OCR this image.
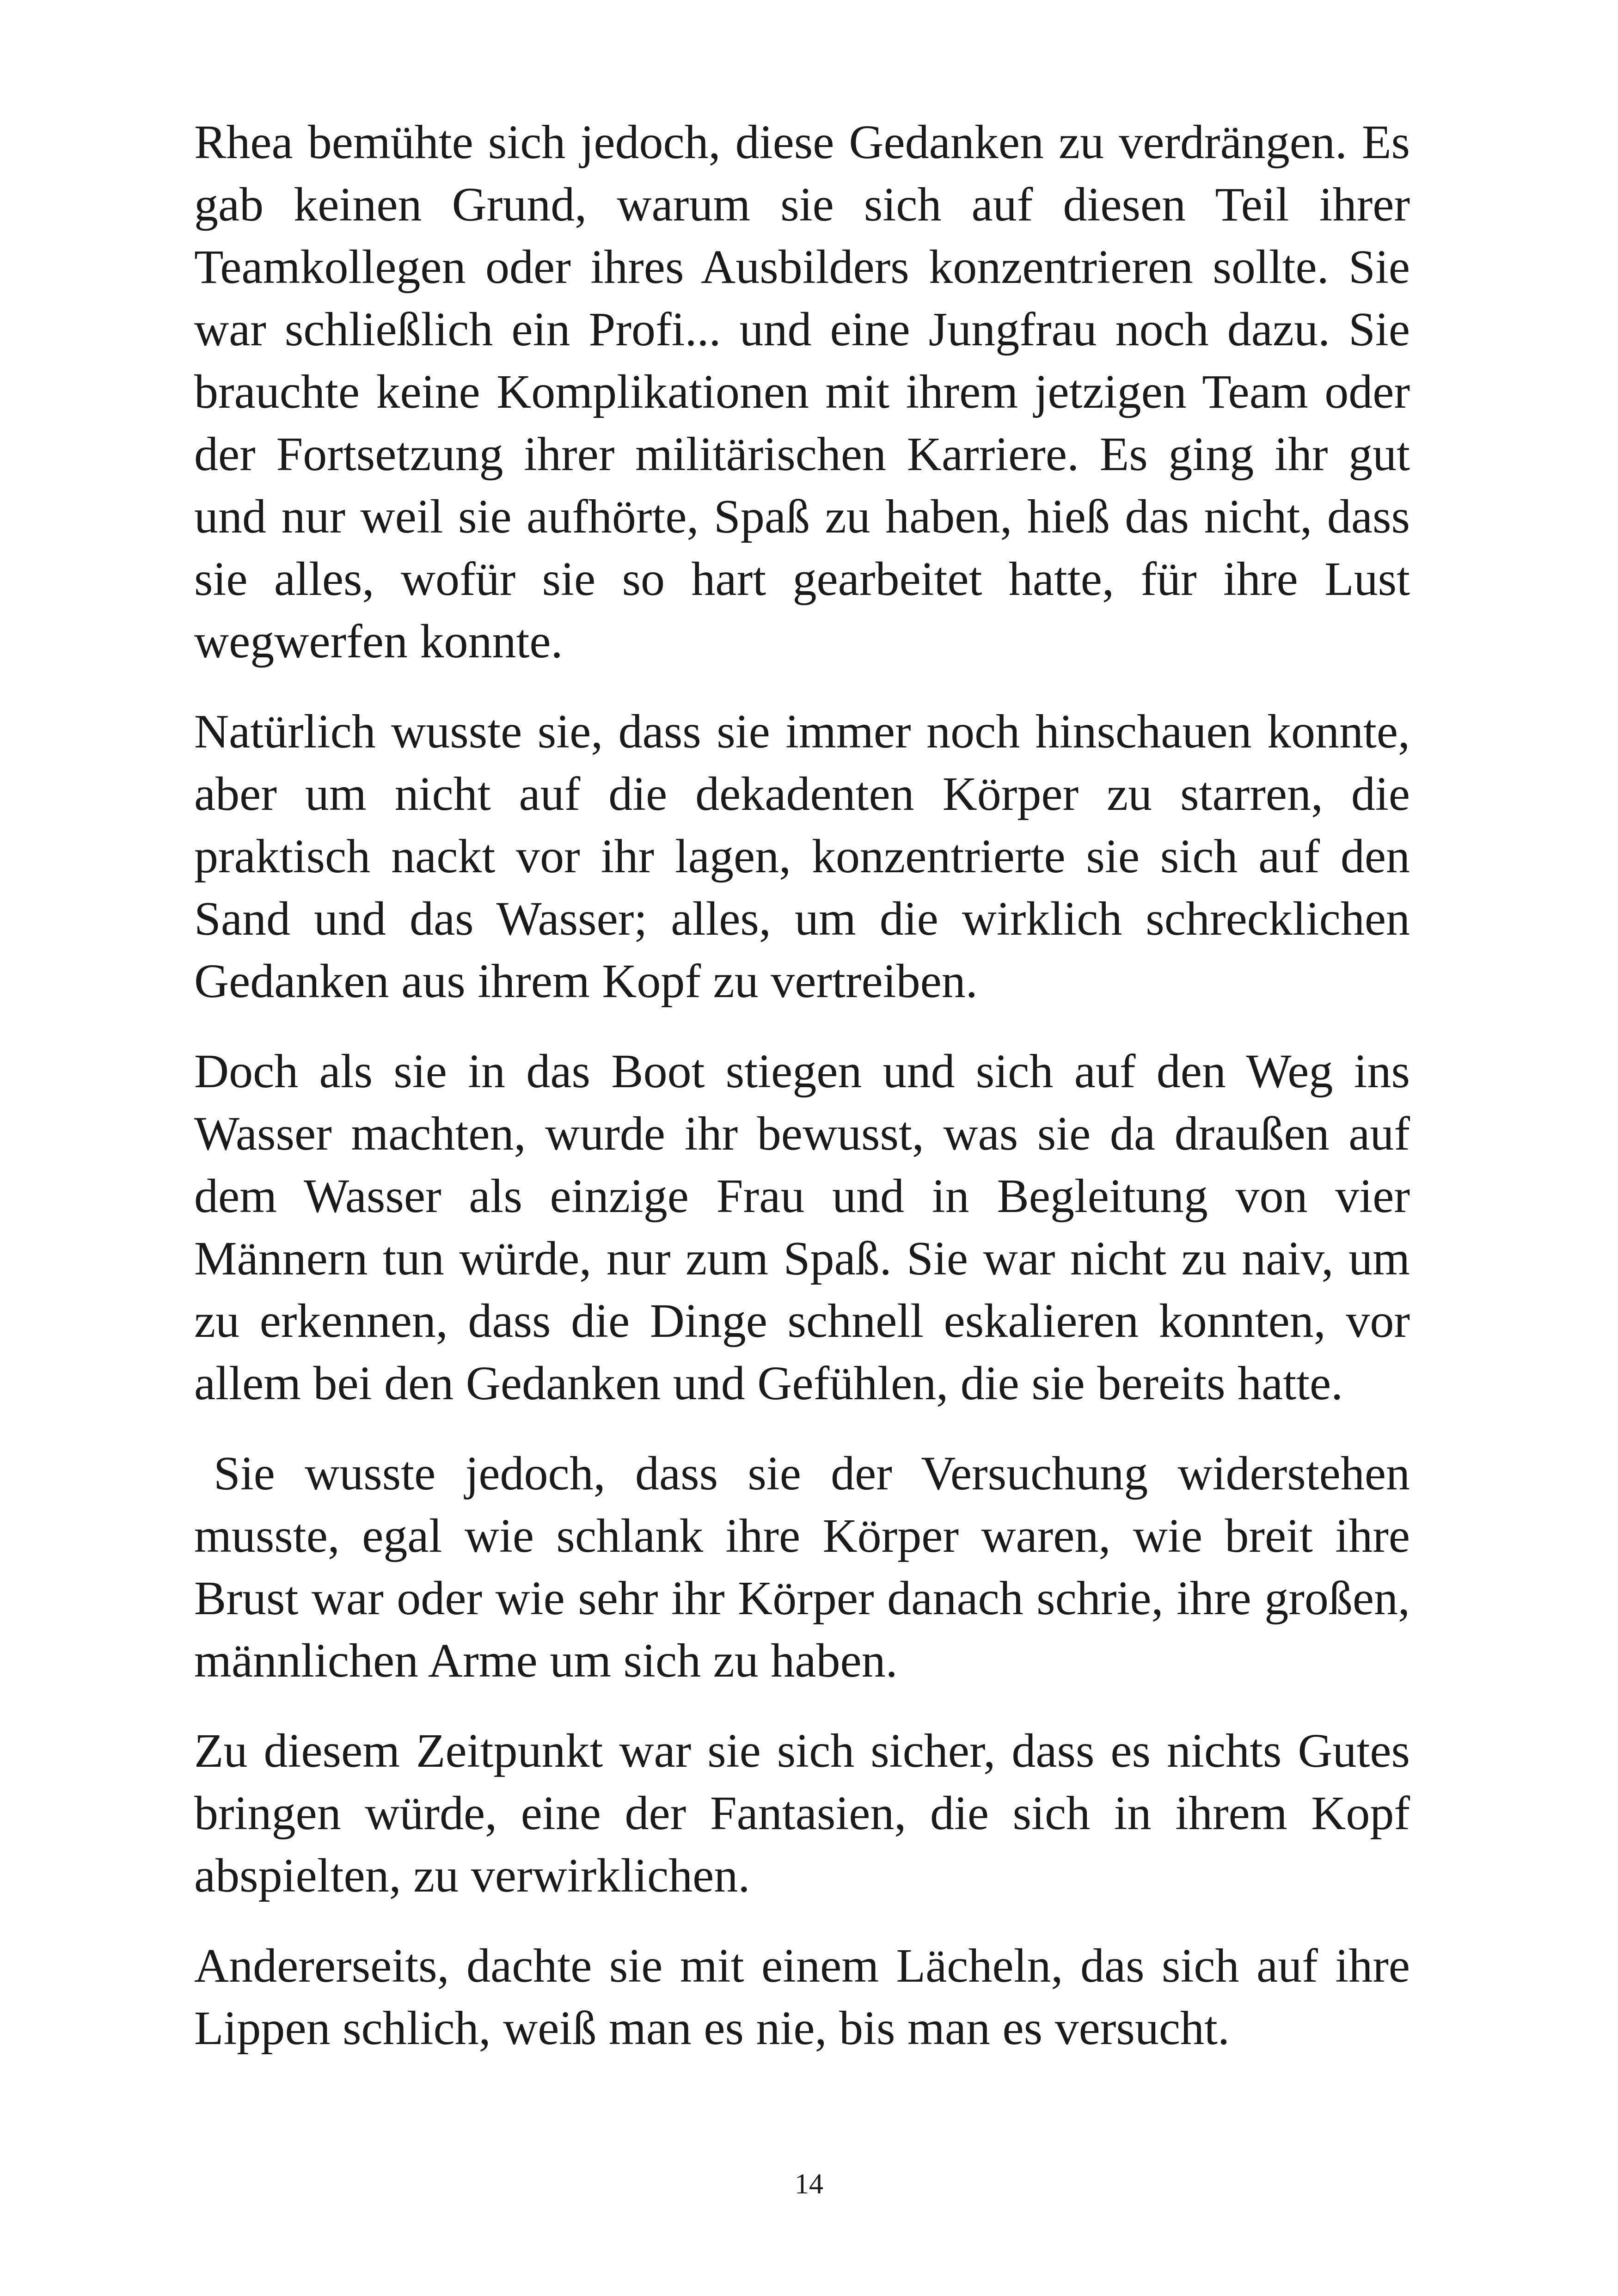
Rhea bemühte sich jedoch, diese Gedanken zu verdrängen. Es gab keinen Grund, warum sie sich auf diesen Teil ihrer Teamkollegen oder ihres Ausbilders konzentrieren sollte. Sie war schließlich ein Profi... und eine Jungfrau noch dazu. Sie brauchte keine Komplikationen mit ihrem jetzigen Team oder der Fortsetzung ihrer militärischen Karriere. Es ging ihr gut und nur weil sie aufhörte, Spaß zu haben, hieß das nicht, dass sie alles, wofür sie so hart gearbeitet hatte, für ihre Lust wegwerfen konnte.

Natürlich wusste sie, dass sie immer noch hinschauen konnte, aber um nicht auf die dekadenten Körper zu starren, die praktisch nackt vor ihr lagen, konzentrierte sie sich auf den Sand und das Wasser; alles, um die wirklich schrecklichen Gedanken aus ihrem Kopf zu vertreiben.

Doch als sie in das Boot stiegen und sich auf den Weg ins Wasser machten, wurde ihr bewusst, was sie da draußen auf dem Wasser als einzige Frau und in Begleitung von vier Männern tun würde, nur zum Spaß. Sie war nicht zu naiv, um zu erkennen, dass die Dinge schnell eskalieren konnten, vor allem bei den Gedanken und Gefühlen, die sie bereits hatte.

Sie wusste jedoch, dass sie der Versuchung widerstehen musste, egal wie schlank ihre Körper waren, wie breit ihre Brust war oder wie sehr ihr Körper danach schrie, ihre großen, männlichen Arme um sich zu haben.

Zu diesem Zeitpunkt war sie sich sicher, dass es nichts Gutes bringen würde, eine der Fantasien, die sich in ihrem Kopf abspielten, zu verwirklichen.

Andererseits, dachte sie mit einem Lächeln, das sich auf ihre Lippen schlich, weiß man es nie, bis man es versucht.

14
